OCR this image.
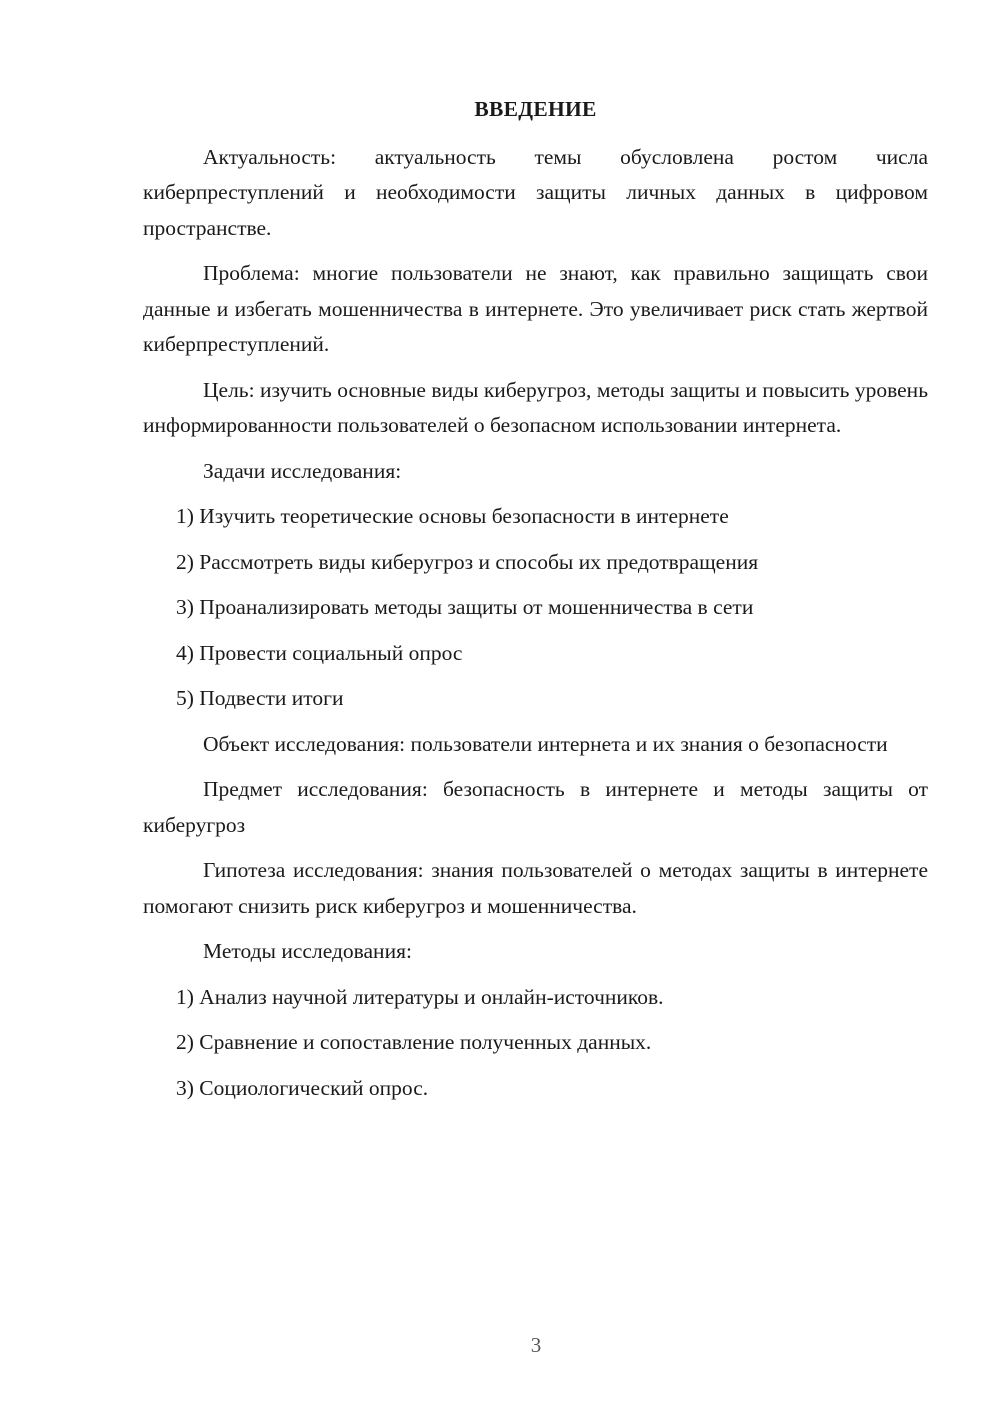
ВВЕДЕНИЕ

Актуальность: актуальность темы обусловлена ростом числа киберпреступлений и необходимости защиты личных данных в цифровом пространстве.

Проблема: многие пользователи не знают, как правильно защищать свои данные и избегать мошенничества в интернете. Это увеличивает риск стать жертвой киберпреступлений.

Цель: изучить основные виды киберугроз, методы защиты и повысить уровень информированности пользователей о безопасном использовании интернета.

Задачи исследования:

1) Изучить теоретические основы безопасности в интернете

2) Рассмотреть виды киберугроз и способы их предотвращения

3) Проанализировать методы защиты от мошенничества в сети

4) Провести социальный опрос

5) Подвести итоги

Объект исследования: пользователи интернета и их знания о безопасности

Предмет исследования: безопасность в интернете и методы защиты от киберугроз

Гипотеза исследования: знания пользователей о методах защиты в интернете помогают снизить риск киберугроз и мошенничества.

Методы исследования:

1) Анализ научной литературы и онлайн-источников.

2) Сравнение и сопоставление полученных данных.

3) Социологический опрос.

3
